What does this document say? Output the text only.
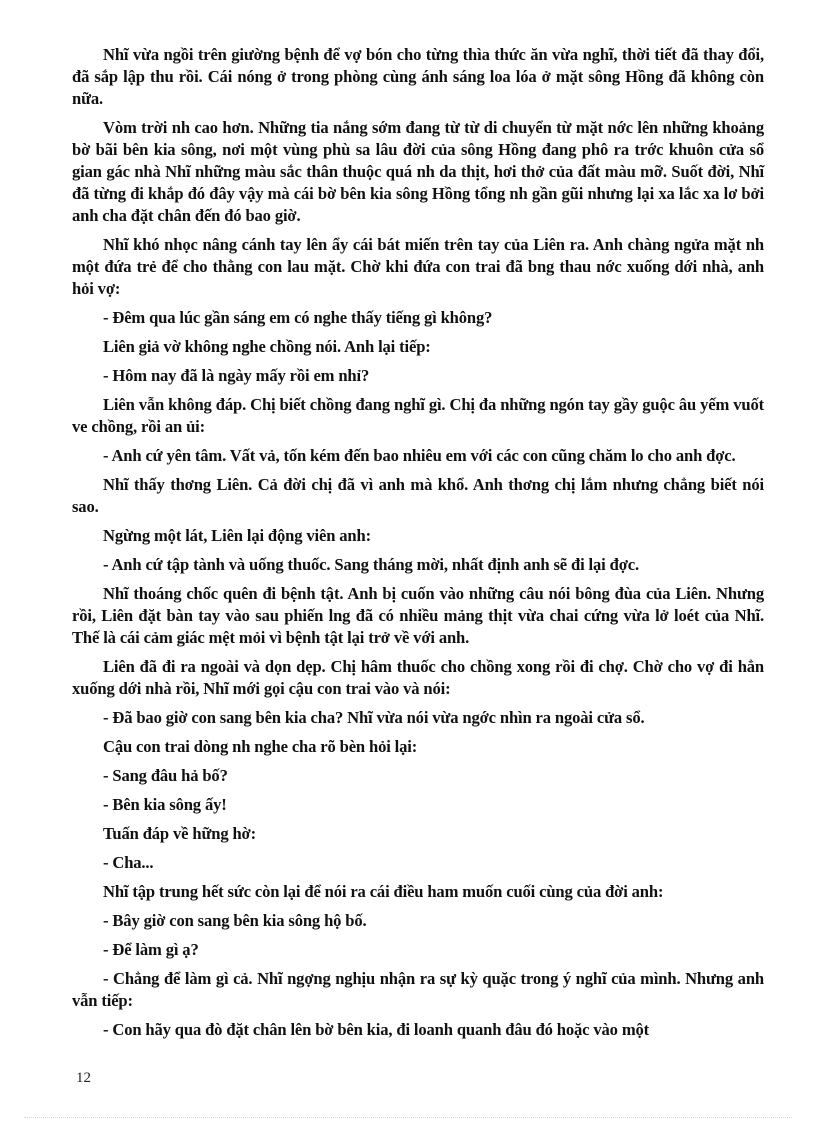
Nhĩ vừa ngồi trên giường bệnh để vợ bón cho từng thìa thức ăn vừa nghĩ, thời tiết đã thay đổi, đã sắp lập thu rồi. Cái nóng ở trong phòng cùng ánh sáng loa lóa ở mặt sông Hồng đã không còn nữa.

Vòm trời nh cao hơn. Những tia nắng sớm đang từ từ di chuyển từ mặt nớc lên những khoảng bờ bãi bên kia sông, nơi một vùng phù sa lâu đời của sông Hồng đang phô ra trớc khuôn cửa sổ gian gác nhà Nhĩ những màu sắc thân thuộc quá nh da thịt, hơi thở của đất màu mỡ. Suốt đời, Nhĩ đã từng đi khắp đó đây vậy mà cái bờ bên kia sông Hồng tổng nh gần gũi nhưng lại xa lắc xa lơ bởi anh cha đặt chân đến đó bao giờ.

Nhĩ khó nhọc nâng cánh tay lên ẩy cái bát miến trên tay của Liên ra. Anh chàng ngửa mặt nh một đứa trẻ để cho thằng con lau mặt. Chờ khi đứa con trai đã bng thau nớc xuống dới nhà, anh hỏi vợ:

- Đêm qua lúc gần sáng em có nghe thấy tiếng gì không?

Liên giả vờ không nghe chồng nói. Anh lại tiếp:

- Hôm nay đã là ngày mấy rồi em nhỉ?

Liên vẫn không đáp. Chị biết chồng đang nghĩ gì. Chị đa những ngón tay gầy guộc âu yếm vuốt ve chồng, rồi an ủi:

- Anh cứ yên tâm. Vất vả, tốn kém đến bao nhiêu em với các con cũng chăm lo cho anh đợc.

Nhĩ thấy thơng Liên. Cả đời chị đã vì anh mà khổ. Anh thơng chị lắm nhưng chẳng biết nói sao.

Ngừng một lát, Liên lại động viên anh:

- Anh cứ tập tành và uống thuốc. Sang tháng mời, nhất định anh sẽ đi lại đợc.

Nhĩ thoáng chốc quên đi bệnh tật. Anh bị cuốn vào những câu nói bông đùa của Liên. Nhưng rồi, Liên đặt bàn tay vào sau phiến lng đã có nhiều mảng thịt vừa chai cứng vừa lở loét của Nhĩ. Thế là cái cảm giác mệt mỏi vì bệnh tật lại trở về với anh.

Liên đã đi ra ngoài và dọn dẹp. Chị hâm thuốc cho chồng xong rồi đi chợ. Chờ cho vợ đi hẳn xuống dới nhà rồi, Nhĩ mới gọi cậu con trai vào và nói:

- Đã bao giờ con sang bên kia cha? Nhĩ vừa nói vừa ngớc nhìn ra ngoài cửa sổ.

Cậu con trai dòng nh nghe cha rõ bèn hỏi lại:

- Sang đâu hả bố?

- Bên kia sông ấy!

Tuấn đáp về hững hờ:

- Cha...

Nhĩ tập trung hết sức còn lại để nói ra cái điều ham muốn cuối cùng của đời anh:

- Bây giờ con sang bên kia sông hộ bố.

- Để làm gì ạ?

- Chẳng để làm gì cả. Nhĩ ngợng nghịu nhận ra sự kỳ quặc trong ý nghĩ của mình. Nhưng anh vẫn tiếp:

- Con hãy qua đò đặt chân lên bờ bên kia, đi loanh quanh đâu đó hoặc vào một

12
